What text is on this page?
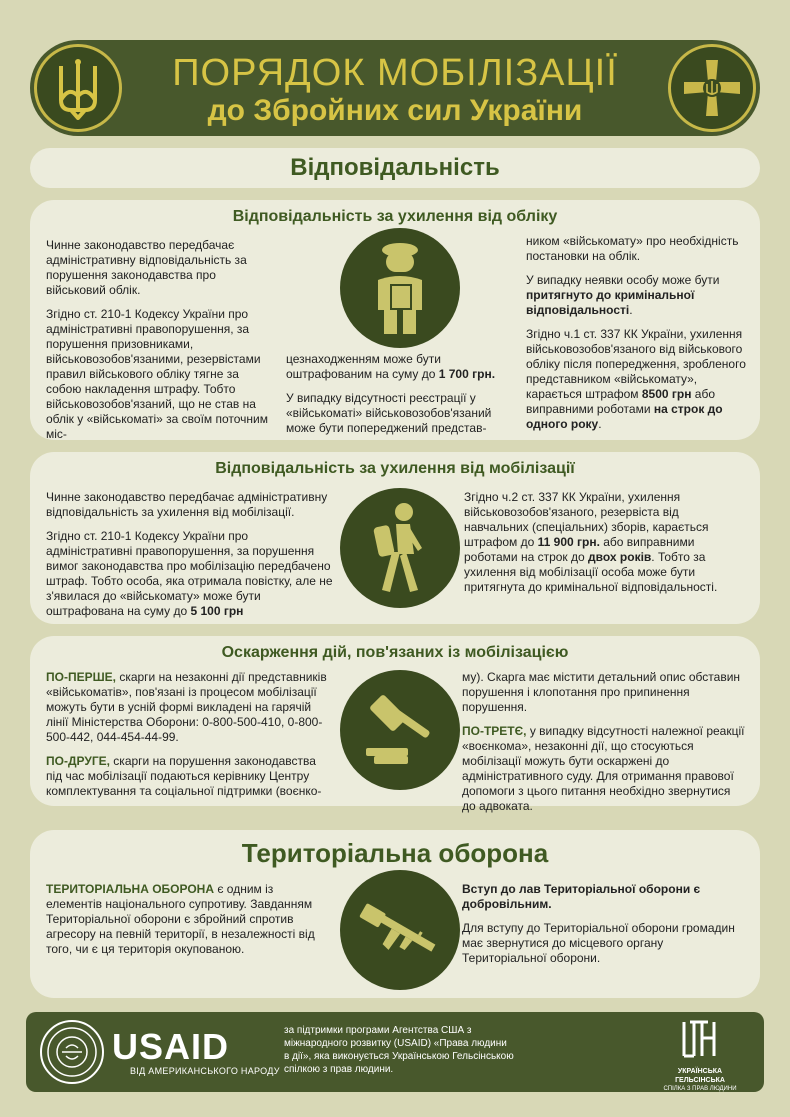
ПОРЯДОК МОБІЛІЗАЦІЇ
до Збройних сил України
Відповідальність
Відповідальність за ухилення від обліку

Чинне законодавство передбачає адміністративну відповідальність за порушення законодавства про військовий облік.

Згідно ст. 210-1 Кодексу України про адміністративні правопорушення, за порушення призовниками, військовозобов'язаними, резервістами правил військового обліку тягне за собою накладення штрафу. Тобто військовозобов'язаний, що не став на облік у «військоматі» за своїм поточним міс-

цезнаходженням може бути оштрафованим на суму до 1 700 грн.

У випадку відсутності реєстрації у «військоматі» військовозобов'язаний може бути попереджений представ-

ником «військомату» про необхідність постановки на облік.

У випадку неявки особу може бути притягнуто до кримінальної відповідальності.

Згідно ч.1 ст. 337 КК України, ухилення військовозобов'язаного від військового обліку після попередження, зробленого представником «військомату», карається штрафом 8500 грн або виправними роботами на строк до одного року.

Відповідальність за ухилення від мобілізації

Чинне законодавство передбачає адміністративну відповідальність за ухилення від мобілізації.

Згідно ст. 210-1 Кодексу України про адміністративні правопорушення, за порушення вимог законодавства про мобілізацію передбачено штраф. Тобто особа, яка отримала повістку, але не з'явилася до «військомату» може бути оштрафована на суму до 5 100 грн

Згідно ч.2 ст. 337 КК України, ухилення військовозобов'язаного, резервіста від навчальних (спеціальних) зборів, карається штрафом до 11 900 грн. або виправними роботами на строк до двох років. Тобто за ухилення від мобілізації особа може бути притягнута до кримінальної відповідальності.

Оскарження дій, пов'язаних із мобілізацією

ПО-ПЕРШЕ, скарги на незаконні дії представників «військоматів», пов'язані із процесом мобілізації можуть бути в усній формі викладені на гарячій лінії Міністерства Оборони: 0-800-500-410, 0-800-500-442, 044-454-44-99.

ПО-ДРУГЕ, скарги на порушення законодавства під час мобілізації подаються керівнику Центру комплектування та соціальної підтримки (воєнко-

му). Скарга має містити детальний опис обставин порушення і клопотання про припинення порушення.

ПО-ТРЕТЄ, у випадку відсутності належної реакції «воєнкома», незаконні дії, що стосуються мобілізації можуть бути оскаржені до адміністративного суду. Для отримання правової допомоги з цього питання необхідно звернутися до адвоката.

Територіальна оборона

ТЕРИТОРІАЛЬНА ОБОРОНА є одним із елементів національного супротиву. Завданням Територіальної оборони є збройний спротив агресору на певній території, в незалежності від того, чи є ця територія окупованою.

Вступ до лав Територіальної оборони є добровільним.

Для вступу до Територіальної оборони громадин має звернутися до місцевого органу Територіальної оборони.

USAID
ВІД АМЕРИКАНСЬКОГО НАРОДУ
за підтримки програми Агентства США з міжнародного розвитку (USAID) «Права людини в дії», яка виконується Українською Гельсінською спілкою з прав людини.	УКРАЇНСЬКА ГЕЛЬСІНСЬКА
СПІЛКА З ПРАВ ЛЮДИНИ
